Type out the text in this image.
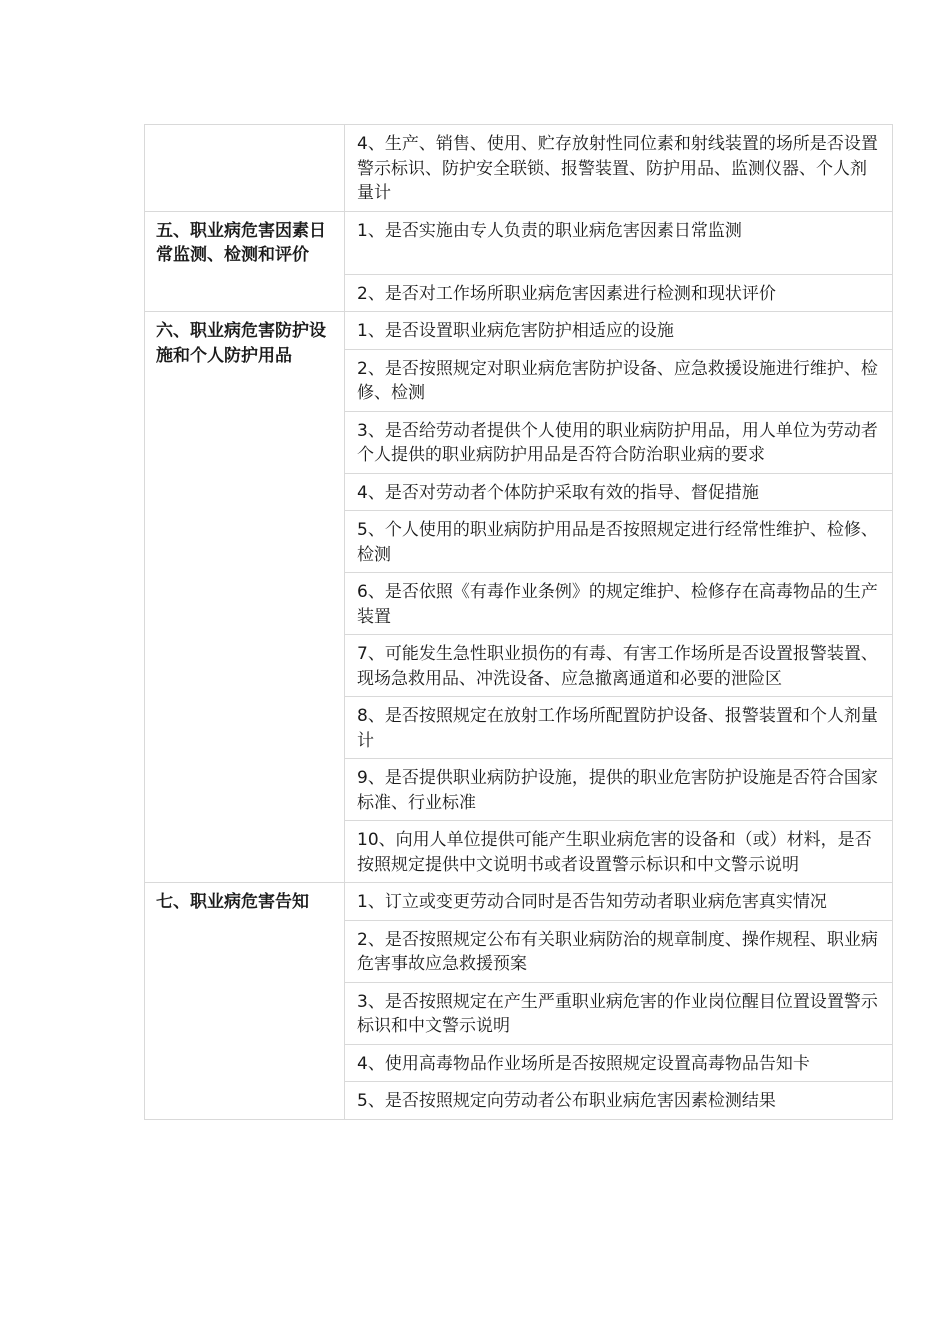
	4、生产、销售、使用、贮存放射性同位素和射线装置的场所是否设置警示标识、防护安全联锁、报警装置、防护用品、监测仪器、个人剂量计
五、职业病危害因素日常监测、检测和评价	1、是否实施由专人负责的职业病危害因素日常监测
	2、是否对工作场所职业病危害因素进行检测和现状评价
六、职业病危害防护设施和个人防护用品	1、是否设置职业病危害防护相适应的设施
	2、是否按照规定对职业病危害防护设备、应急救援设施进行维护、检修、检测
	3、是否给劳动者提供个人使用的职业病防护用品，用人单位为劳动者个人提供的职业病防护用品是否符合防治职业病的要求
	4、是否对劳动者个体防护采取有效的指导、督促措施
	5、个人使用的职业病防护用品是否按照规定进行经常性维护、检修、检测
	6、是否依照《有毒作业条例》的规定维护、检修存在高毒物品的生产装置
	7、可能发生急性职业损伤的有毒、有害工作场所是否设置报警装置、现场急救用品、冲洗设备、应急撤离通道和必要的泄险区
	8、是否按照规定在放射工作场所配置防护设备、报警装置和个人剂量计
	9、是否提供职业病防护设施，提供的职业危害防护设施是否符合国家标准、行业标准
	10、向用人单位提供可能产生职业病危害的设备和（或）材料，是否按照规定提供中文说明书或者设置警示标识和中文警示说明
七、职业病危害告知	1、订立或变更劳动合同时是否告知劳动者职业病危害真实情况
	2、是否按照规定公布有关职业病防治的规章制度、操作规程、职业病危害事故应急救援预案
	3、是否按照规定在产生严重职业病危害的作业岗位醒目位置设置警示标识和中文警示说明
	4、使用高毒物品作业场所是否按照规定设置高毒物品告知卡
	5、是否按照规定向劳动者公布职业病危害因素检测结果
